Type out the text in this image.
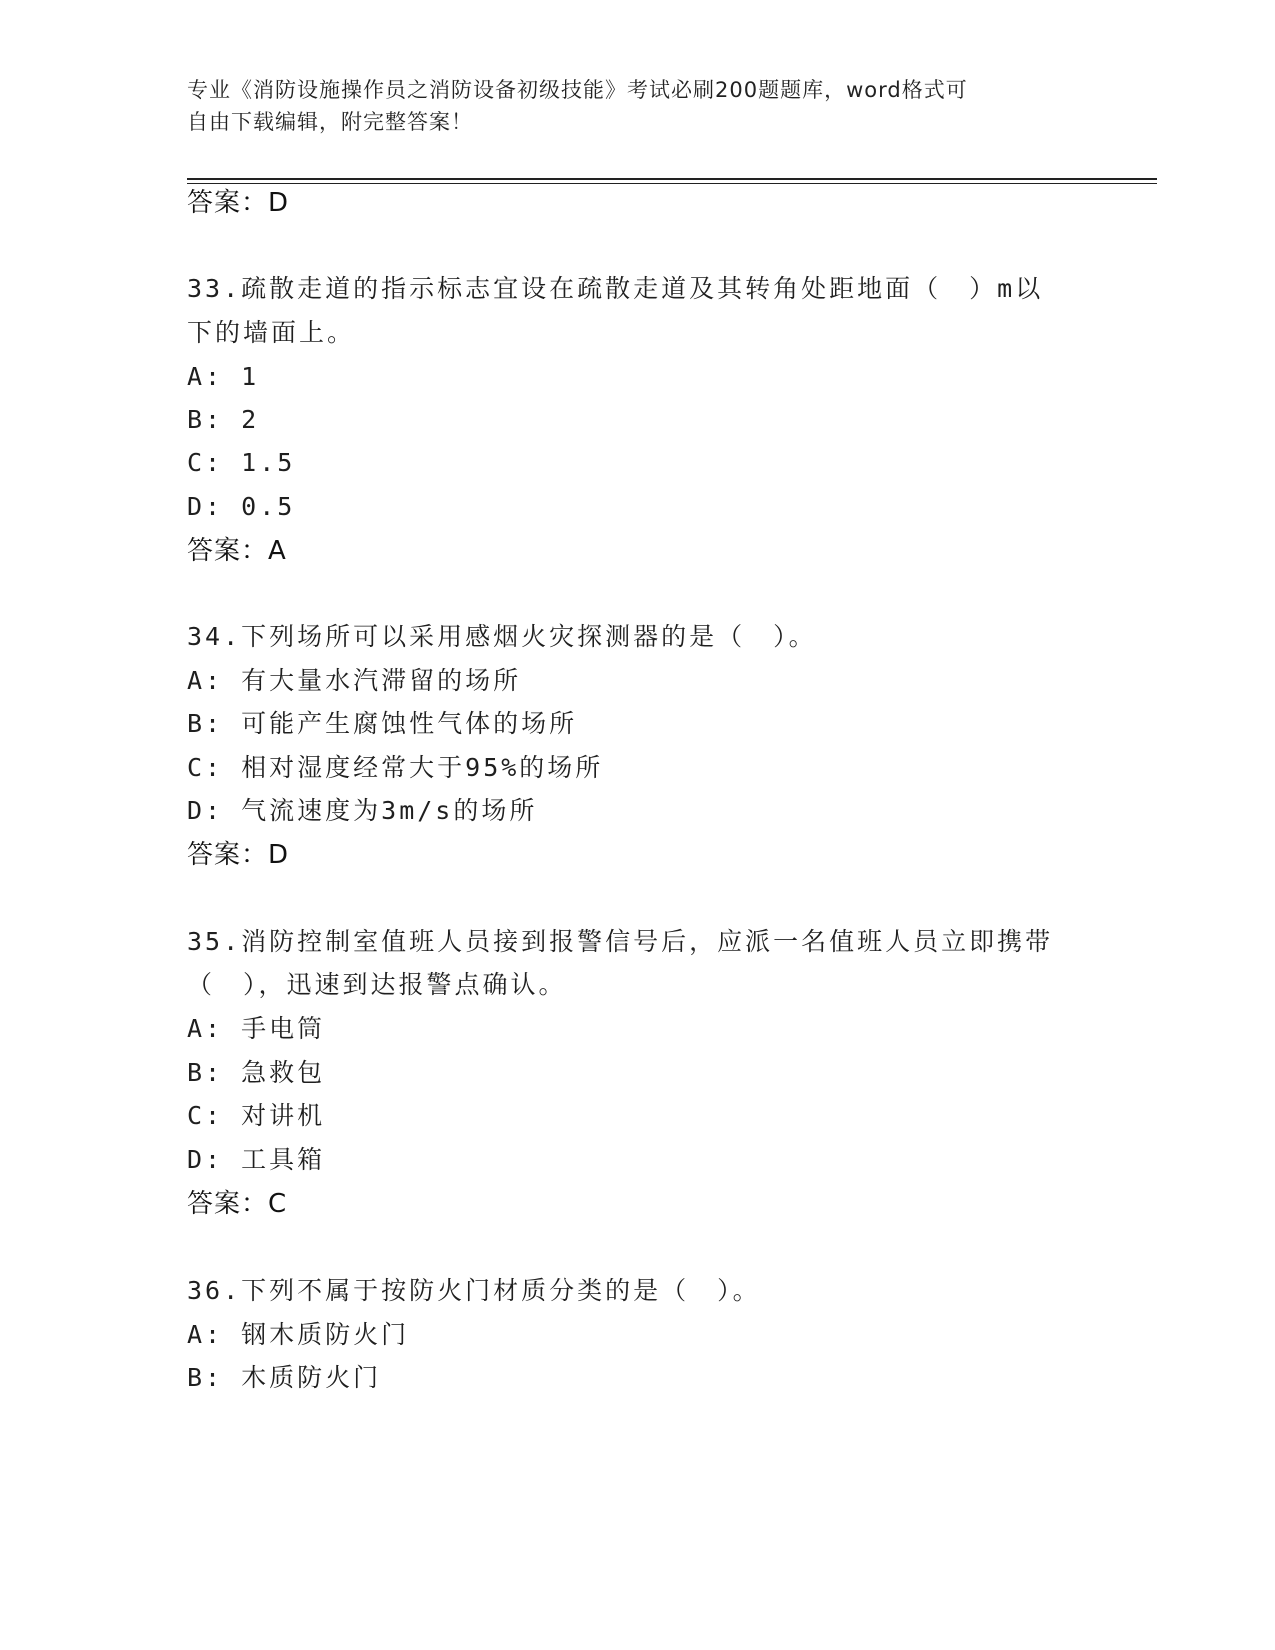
专业《消防设施操作员之消防设备初级技能》考试必刷200题题库，word格式可
自由下载编辑，附完整答案！
答案：D
33.疏散走道的指示标志宜设在疏散走道及其转角处距地面（　）m以
下的墙面上。
A: 1
B: 2
C: 1.5
D: 0.5
答案：A
34.下列场所可以采用感烟火灾探测器的是（　）。
A: 有大量水汽滞留的场所
B: 可能产生腐蚀性气体的场所
C: 相对湿度经常大于95%的场所
D: 气流速度为3m/s的场所
答案：D
35.消防控制室值班人员接到报警信号后，应派一名值班人员立即携带
（　），迅速到达报警点确认。
A: 手电筒
B: 急救包
C: 对讲机
D: 工具箱
答案：C
36.下列不属于按防火门材质分类的是（　）。
A: 钢木质防火门
B: 木质防火门
